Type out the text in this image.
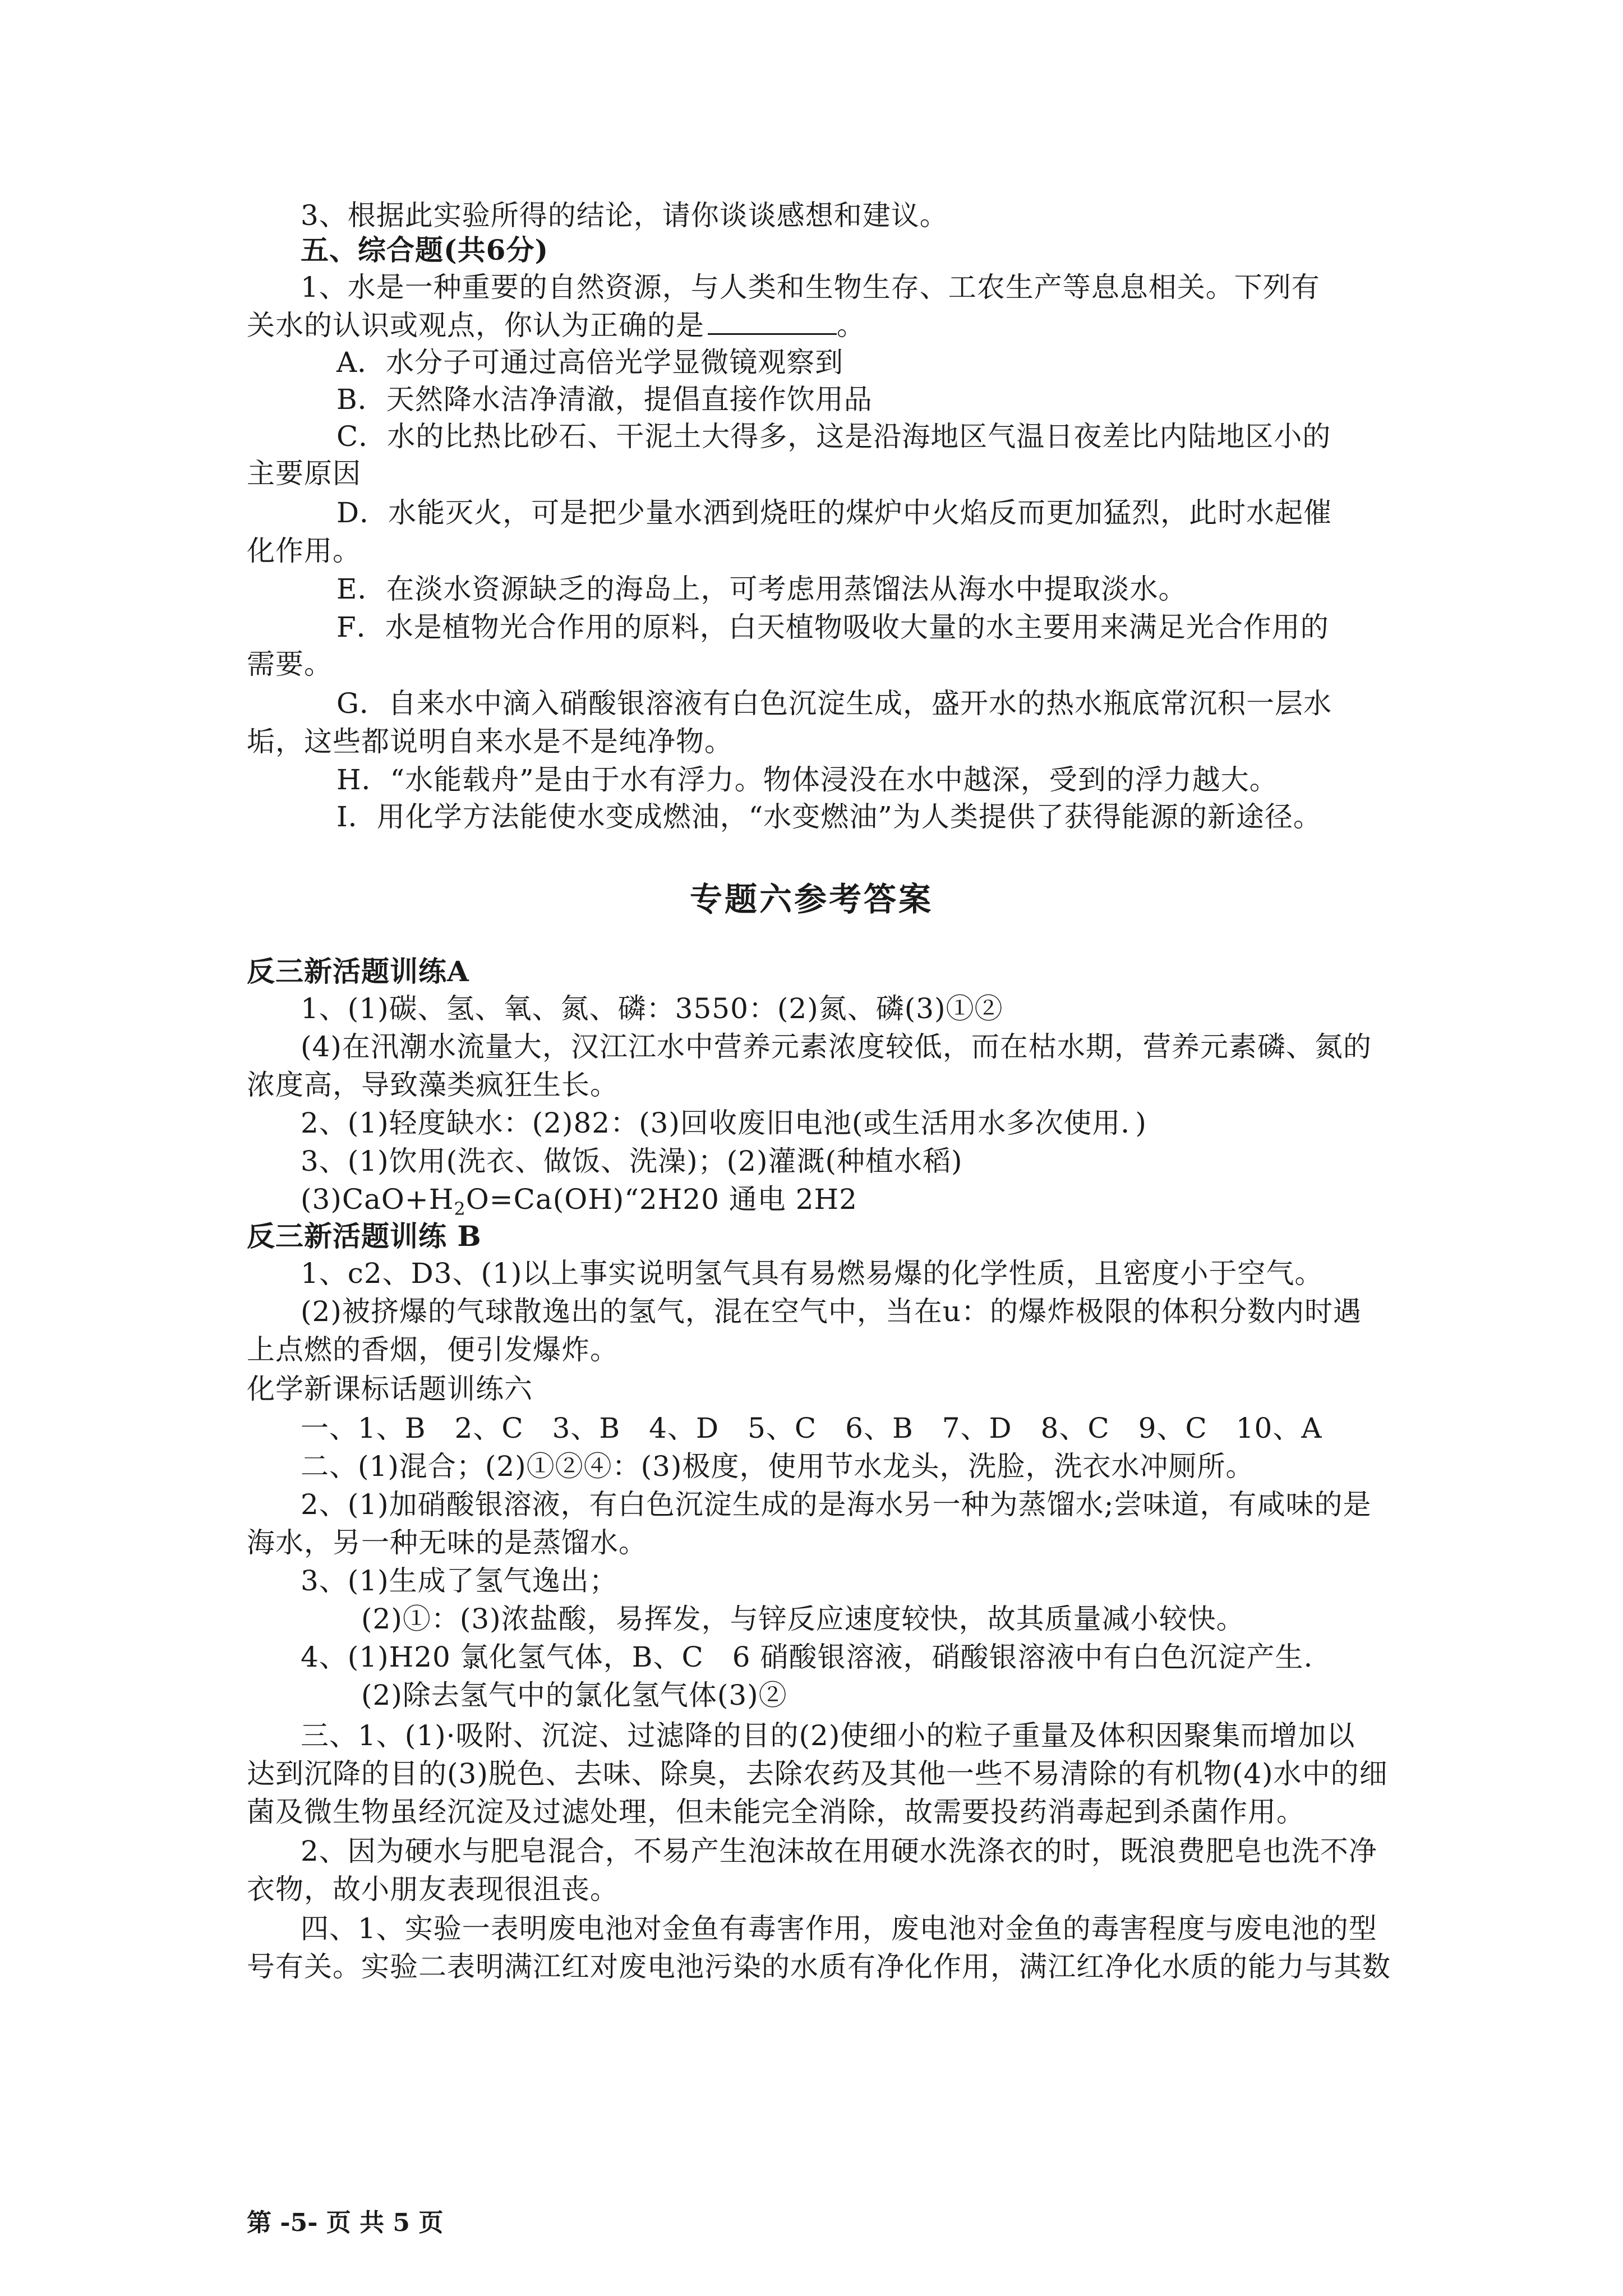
3、根据此实验所得的结论，请你谈谈感想和建议。
五、综合题(共6分)
1、水是一种重要的自然资源，与人类和生物生存、工农生产等息息相关。下列有
关水的认识或观点，你认为正确的是	。
A．水分子可通过高倍光学显微镜观察到
B．天然降水洁净清澈，提倡直接作饮用品
C．水的比热比砂石、干泥土大得多，这是沿海地区气温日夜差比内陆地区小的
主要原因
D．水能灭火，可是把少量水洒到烧旺的煤炉中火焰反而更加猛烈，此时水起催
化作用。
E．在淡水资源缺乏的海岛上，可考虑用蒸馏法从海水中提取淡水。
F．水是植物光合作用的原料，白天植物吸收大量的水主要用来满足光合作用的
需要。
G．自来水中滴入硝酸银溶液有白色沉淀生成，盛开水的热水瓶底常沉积一层水
垢，这些都说明自来水是不是纯净物。
H．“水能载舟”是由于水有浮力。物体浸没在水中越深，受到的浮力越大。
I．用化学方法能使水变成燃油，“水变燃油”为人类提供了获得能源的新途径。
专题六参考答案
反三新活题训练A
1、(1)碳、氢、氧、氮、磷：3550：(2)氮、磷(3)①②
(4)在汛潮水流量大，汉江江水中营养元素浓度较低，而在枯水期，营养元素磷、氮的
浓度高，导致藻类疯狂生长。
2、(1)轻度缺水：(2)82：(3)回收废旧电池(或生活用水多次使用．)
3、(1)饮用(洗衣、做饭、洗澡)；(2)灌溉(种植水稻)
$(3)CaO+H_2O=Ca(OH)“2H20$ 通电 2H2
反三新活题训练 B
1、c2、D3、(1)以上事实说明氢气具有易燃易爆的化学性质，且密度小于空气。
(2)被挤爆的气球散逸出的氢气，混在空气中，当在u：的爆炸极限的体积分数内时遇
上点燃的香烟，便引发爆炸。
化学新课标话题训练六
一、1、B　2、C　3、B　4、D　5、C　6、B　7、D　8、C　9、C　10、A
二、(1)混合；(2)①②④：(3)极度，使用节水龙头，洗脸，洗衣水冲厕所。
2、(1)加硝酸银溶液，有白色沉淀生成的是海水另一种为蒸馏水;尝味道，有咸味的是
海水，另一种无味的是蒸馏水。
3、(1)生成了氢气逸出；
(2)①：(3)浓盐酸，易挥发，与锌反应速度较快，故其质量减小较快。
4、(1)H20 氯化氢气体，B、C　6 硝酸银溶液，硝酸银溶液中有白色沉淀产生.
(2)除去氢气中的氯化氢气体(3)②
三、1、(1)·吸附、沉淀、过滤降的目的(2)使细小的粒子重量及体积因聚集而增加以
达到沉降的目的(3)脱色、去味、除臭，去除农药及其他一些不易清除的有机物(4)水中的细
菌及微生物虽经沉淀及过滤处理，但未能完全消除，故需要投药消毒起到杀菌作用。
2、因为硬水与肥皂混合，不易产生泡沫故在用硬水洗涤衣的时，既浪费肥皂也洗不净
衣物，故小朋友表现很沮丧。
四、1、实验一表明废电池对金鱼有毒害作用，废电池对金鱼的毒害程度与废电池的型
号有关。实验二表明满江红对废电池污染的水质有净化作用，满江红净化水质的能力与其数
第 -5- 页 共 5 页
